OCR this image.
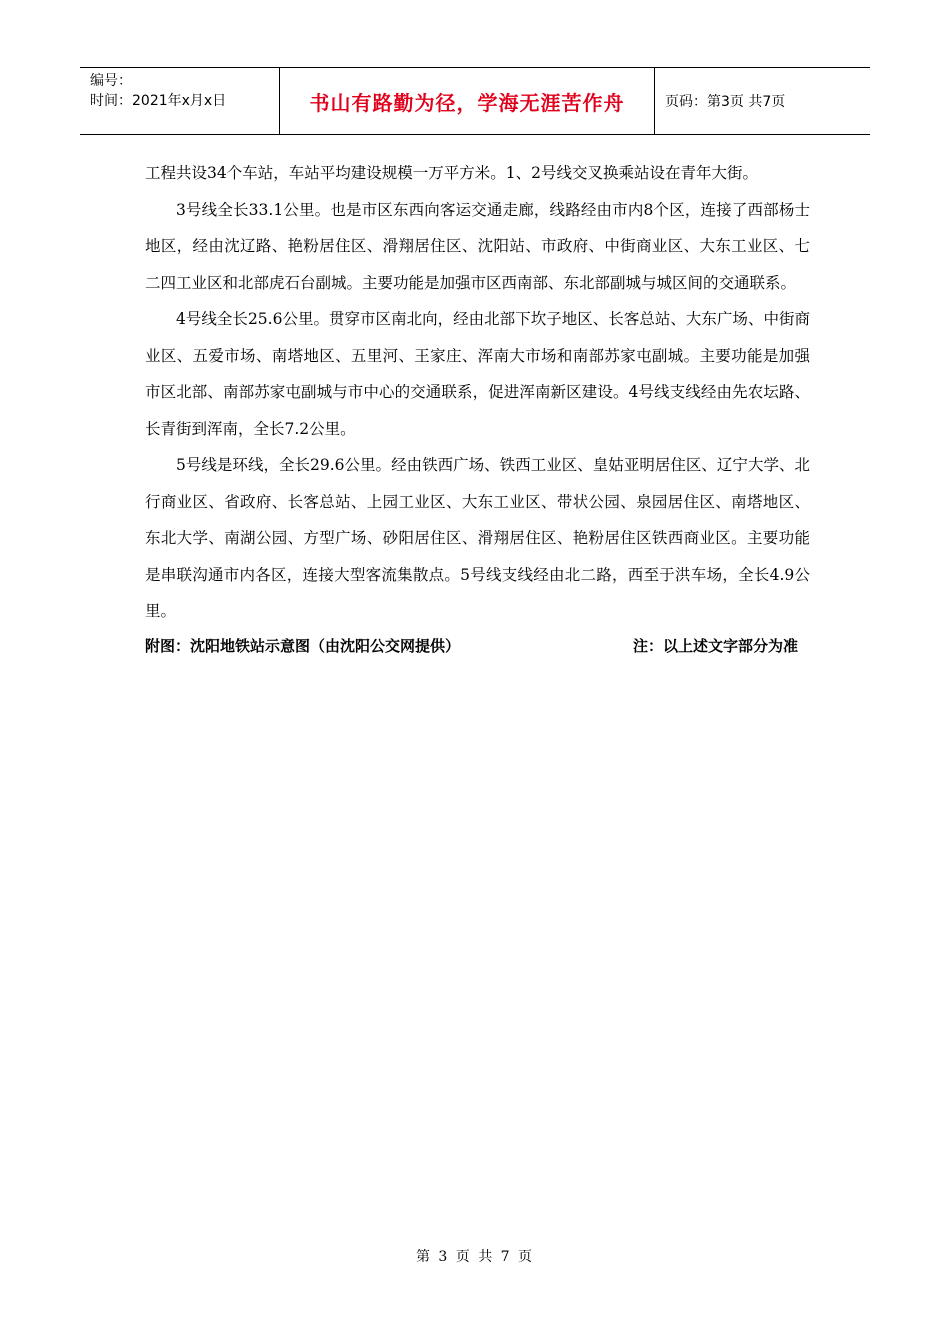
编号：
时间：2021年x月x日	书山有路勤为径，学海无涯苦作舟	页码：第3页 共7页

工程共设34个车站，车站平均建设规模一万平方米。1、2号线交叉换乘站设在青年大街。

3号线全长33.1公里。也是市区东西向客运交通走廊，线路经由市内8个区，连接了西部杨士地区，经由沈辽路、艳粉居住区、滑翔居住区、沈阳站、市政府、中街商业区、大东工业区、七二四工业区和北部虎石台副城。主要功能是加强市区西南部、东北部副城与城区间的交通联系。

4号线全长25.6公里。贯穿市区南北向，经由北部下坎子地区、长客总站、大东广场、中街商业区、五爱市场、南塔地区、五里河、王家庄、浑南大市场和南部苏家屯副城。主要功能是加强市区北部、南部苏家屯副城与市中心的交通联系，促进浑南新区建设。4号线支线经由先农坛路、长青街到浑南，全长7.2公里。

5号线是环线，全长29.6公里。经由铁西广场、铁西工业区、皇姑亚明居住区、辽宁大学、北行商业区、省政府、长客总站、上园工业区、大东工业区、带状公园、泉园居住区、南塔地区、东北大学、南湖公园、方型广场、砂阳居住区、滑翔居住区、艳粉居住区铁西商业区。主要功能是串联沟通市内各区，连接大型客流集散点。5号线支线经由北二路，西至于洪车场，全长4.9公里。

附图：沈阳地铁站示意图（由沈阳公交网提供）	注：以上述文字部分为准
第 3 页 共 7 页
